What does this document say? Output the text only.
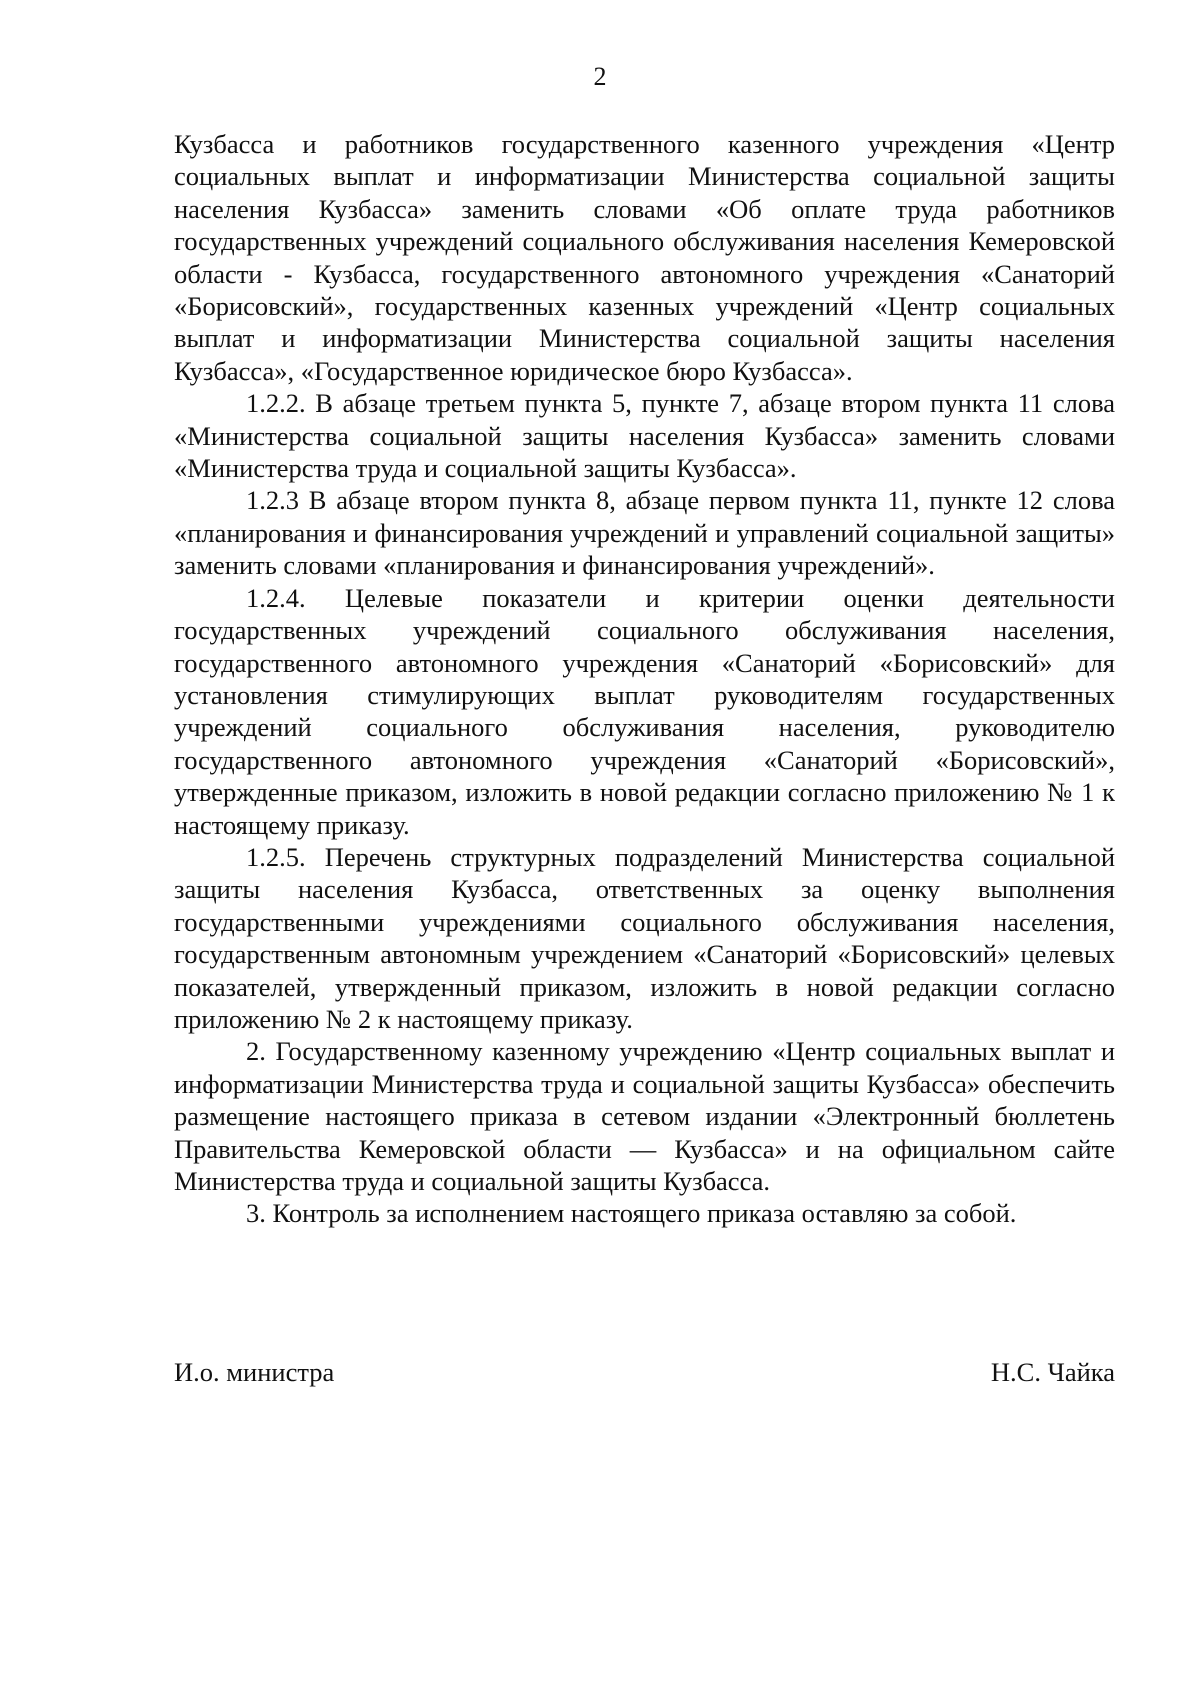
2

Кузбасса и работников государственного казенного учреждения «Центр социальных выплат и информатизации Министерства социальной защиты населения Кузбасса» заменить словами «Об оплате труда работников государственных учреждений социального обслуживания населения Кемеровской области - Кузбасса, государственного автономного учреждения «Санаторий «Борисовский», государственных казенных учреждений «Центр социальных выплат и информатизации Министерства социальной защиты населения Кузбасса», «Государственное юридическое бюро Кузбасса».

1.2.2. В абзаце третьем пункта 5, пункте 7, абзаце втором пункта 11 слова «Министерства социальной защиты населения Кузбасса» заменить словами «Министерства труда и социальной защиты Кузбасса».

1.2.3 В абзаце втором пункта 8, абзаце первом пункта 11, пункте 12 слова «планирования и финансирования учреждений и управлений социальной защиты» заменить словами «планирования и финансирования учреждений».

1.2.4. Целевые показатели и критерии оценки деятельности государственных учреждений социального обслуживания населения, государственного автономного учреждения «Санаторий «Борисовский» для установления стимулирующих выплат руководителям государственных учреждений социального обслуживания населения, руководителю государственного автономного учреждения «Санаторий «Борисовский», утвержденные приказом, изложить в новой редакции согласно приложению № 1 к настоящему приказу.

1.2.5. Перечень структурных подразделений Министерства социальной защиты населения Кузбасса, ответственных за оценку выполнения государственными учреждениями социального обслуживания населения, государственным автономным учреждением «Санаторий «Борисовский» целевых показателей, утвержденный приказом, изложить в новой редакции согласно приложению № 2 к настоящему приказу.

2. Государственному казенному учреждению «Центр социальных выплат и информатизации Министерства труда и социальной защиты Кузбасса» обеспечить размещение настоящего приказа в сетевом издании «Электронный бюллетень Правительства Кемеровской области — Кузбасса» и на официальном сайте Министерства труда и социальной защиты Кузбасса.

3. Контроль за исполнением настоящего приказа оставляю за собой.

И.о. министра	Н.С. Чайка
